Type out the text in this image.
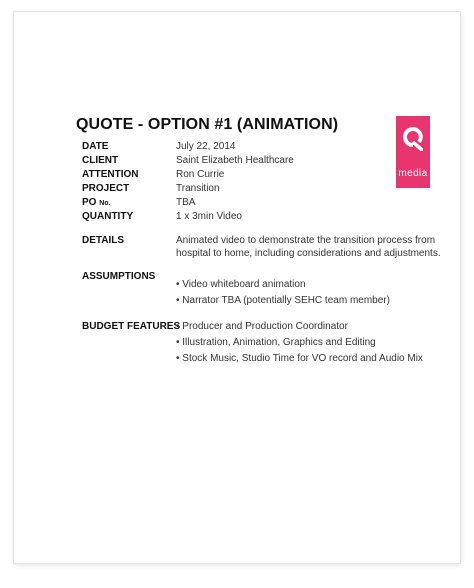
QUOTE - OPTION #1 (ANIMATION)
media
DATE	July 22, 2014
CLIENT	Saint Elizabeth Healthcare
ATTENTION	Ron Currie
PROJECT	Transition
PO No.	TBA
QUANTITY	1 x 3min Video
DETAILS	Animated video to demonstrate the transition process from hospital to home, including considerations and adjustments.
ASSUMPTIONS
• Video whiteboard animation
• Narrator TBA (potentially SEHC team member)
BUDGET FEATURES
• Producer and Production Coordinator
• Illustration, Animation, Graphics and Editing
• Stock Music, Studio Time for VO record and Audio Mix
